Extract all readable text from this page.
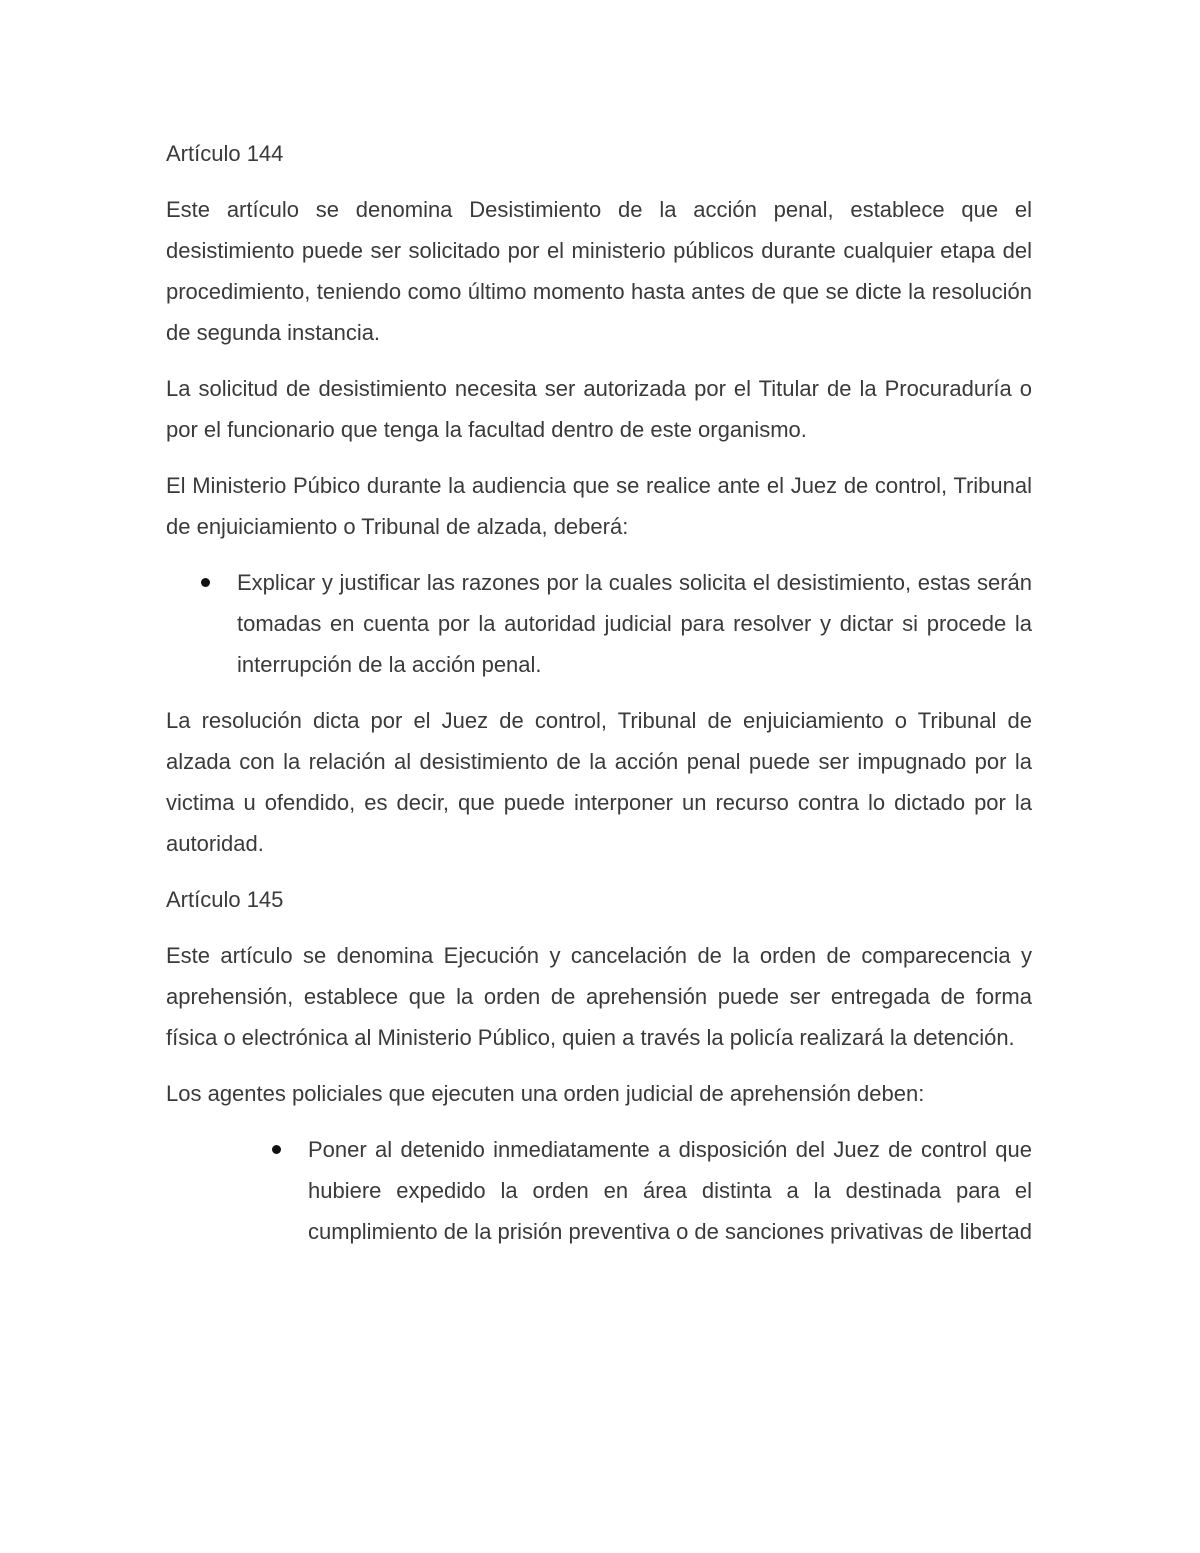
Artículo 144

Este artículo se denomina Desistimiento de la acción penal, establece que el desistimiento puede ser solicitado por el ministerio públicos durante cualquier etapa del procedimiento, teniendo como último momento hasta antes de que se dicte la resolución de segunda instancia.

La solicitud de desistimiento necesita ser autorizada por el Titular de la Procuraduría o por el funcionario que tenga la facultad dentro de este organismo.

El Ministerio Púbico durante la audiencia que se realice ante el Juez de control, Tribunal de enjuiciamiento o Tribunal de alzada, deberá:

Explicar y justificar las razones por la cuales solicita el desistimiento, estas serán tomadas en cuenta por la autoridad judicial para resolver y dictar si procede la interrupción de la acción penal.

La resolución dicta por el Juez de control, Tribunal de enjuiciamiento o Tribunal de alzada con la relación al desistimiento de la acción penal puede ser impugnado por la victima u ofendido, es decir, que puede interponer un recurso contra lo dictado por la autoridad.

Artículo 145

Este artículo se denomina Ejecución y cancelación de la orden de comparecencia y aprehensión, establece que la orden de aprehensión puede ser entregada de forma física o electrónica al Ministerio Público, quien a través la policía realizará la detención.

Los agentes policiales que ejecuten una orden judicial de aprehensión deben:

Poner al detenido inmediatamente a disposición del Juez de control que hubiere expedido la orden en área distinta a la destinada para el cumplimiento de la prisión preventiva o de sanciones privativas de libertad
